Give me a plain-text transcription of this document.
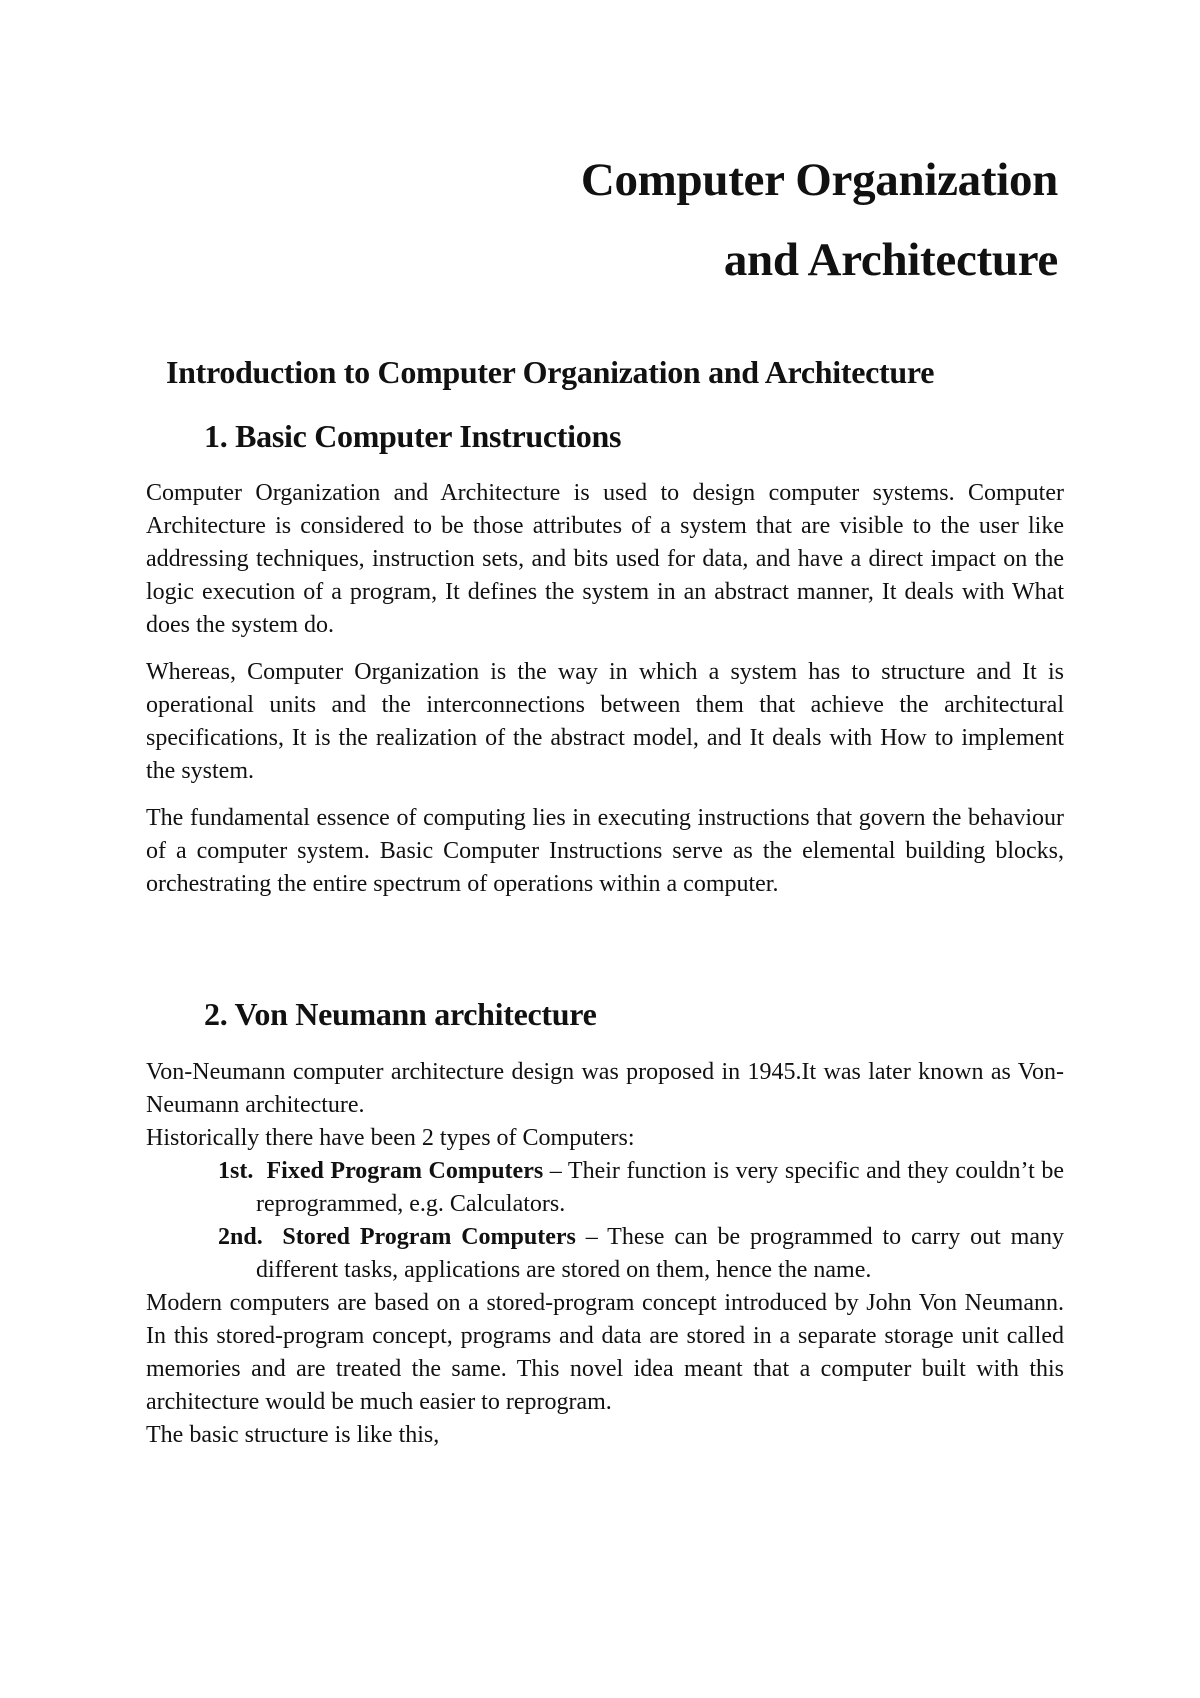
Computer Organization
and Architecture
Introduction to Computer Organization and Architecture
1. Basic Computer Instructions

Computer Organization and Architecture is used to design computer systems. Computer Architecture is considered to be those attributes of a system that are visible to the user like addressing techniques, instruction sets, and bits used for data, and have a direct impact on the logic execution of a program, It defines the system in an abstract manner, It deals with What does the system do.

Whereas, Computer Organization is the way in which a system has to structure and It is operational units and the interconnections between them that achieve the architectural specifications, It is the realization of the abstract model, and It deals with How to implement the system.

The fundamental essence of computing lies in executing instructions that govern the behaviour of a computer system. Basic Computer Instructions serve as the elemental building blocks, orchestrating the entire spectrum of operations within a computer.

2. Von Neumann architecture

Von-Neumann computer architecture design was proposed in 1945.It was later known as Von-Neumann architecture.

Historically there have been 2 types of Computers:

1st. Fixed Program Computers – Their function is very specific and they couldn’t be reprogrammed, e.g. Calculators.

2nd. Stored Program Computers – These can be programmed to carry out many different tasks, applications are stored on them, hence the name.

Modern computers are based on a stored-program concept introduced by John Von Neumann. In this stored-program concept, programs and data are stored in a separate storage unit called memories and are treated the same. This novel idea meant that a computer built with this architecture would be much easier to reprogram.

The basic structure is like this,
